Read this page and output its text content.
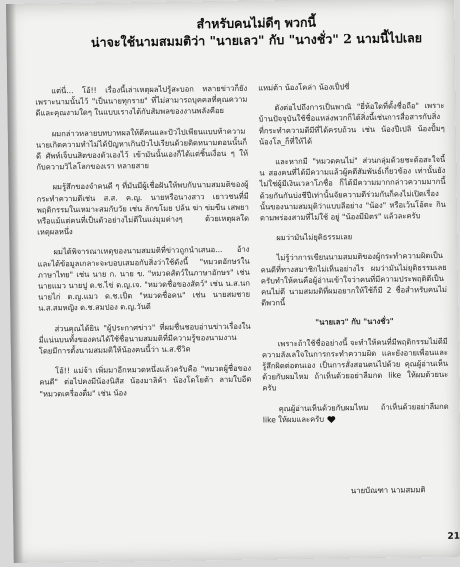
สำหรับคนไม่ดีๆ พวกนี้
น่าจะใช้นามสมมติว่า "นายเลว" กับ "นางชั่ว" 2 นามนี้ไปเลย

แต่นี่... โอ้!! เรื่องนี้เล่าเหตุผลไปรู้สะบอก หลายข่าวก็ยัง เพราะนามนั้นไว้ "เป็นนายทุกราย" ที่ไม่สามารถบุคคลที่คุณความดีและคุณงามใดๆ ในแบบเรางได้กับสัมพลของงานพลังคือย

ผมกล่าวหลายบทบาทผลให้ดีคนและปัวไปเพียนแบบท้าความนายเกิดความทำไม่ได้ปัญหาเกินปัวไปเรียนด้วยติดหนามตอนนั้นก็ดี ศัพท์เจ็บนสิตของตัวเองไว้ เข้ามันนั้นเองก็ได้แต่ชิ้นเงื่อน ๆ ให้กับความวิไลโลกของเรา หลายสาย

ผมรู้สึกของจำคนดี ๆ ที่มันมีผู้เชื่อฝันให้พบกับนามสมมติของผู้กระทำความดีเช่น ส.ส. ค.ญ. นายหรือนางสาว เยาวชนที่มีพฤติกรรมในเหมาะสมกับวัย เช่น ลักขโมย ปล้น ฆ่า ข่มขืน เสพยา หรือแม้แต่คนที่เป็นตัวอย่างไม่ดีในแง่มุมต่างๆ ด้วยเหตุผลใดเหตุผลหนึ่ง

ผมได้พิจารณาเหตุของนามสมมติที่ข่าวถูกนำเสนอ... อ้างและได้ข้อมูลเกลาะจะบอบเสมอกับสิ่งว่าใช้ดังนี้ "หมวดอักษรในภาษาไทย" เช่น นาย ก. นาย ข. "หมวดสัตว์ในภาษาอักษร" เช่น นายแมว นายปู ด.ช.ไข่ ด.ญ.เจ. "หมวดชื่อของสัตว์" เช่น น.ส.นก นายไก่ ด.ญ.แมว ด.ช.เป็ด "หมวดชื่อคน" เช่น นายสมชาย น.ส.สมหญิง ด.ช.สมปอง ด.ญ.วันดี

ส่วนคุณได้ยิน "ผู้ประกาศข่าว" ที่ผมชื่นชอบอ่านข่าวเรื่องในมี่แน่นบนทั้งของคนได้ใช้ชื่อนามสมมติที่มีความรู้ของนามงาน โดยมีการตั้งนามสมมติให้น้องคนนี้ว่า น.ส.ชีวิต

โอ้!! แม่จ้า เพิ่มมาอีกหมวดหนึ่งแล้วครับคือ "หมวดผู้ชื่อของคนดี" ต่อไปคงมีน้องนิสัส น้องมาลิค้า น้องโดโยต้า ลามใบอีต "หมวดเครื่องดื่ม" เช่น น้อง

แหม่ต้า น้องโคล่า น้องเป็ปซี่

ดังต่อไปถึงการเป็นพาณิ "ยี่ห้อใดที่ตั้งชื่อถือ" เพราะบ้านปัจจุบันใช้ชื่อแหล่งพวกก็ได้สิ่งนี้เช่นการสื่อสารกับสิ่งที่กระทำความดีมีที่ได้ครบถ้วน เช่น น้องปีเปลิ น้องปั้มๆ น้องโล_ก็ที่ให้ได้

และหากมี "หมวดคนไม่" ส่วนกลุ่มด้วยชะต้อสะใจนี้น สองคนที่ได้มีความแล้วผู้คดีสัมพันธ์เกี่ยวข้อง เท่านั้นยังไม่ใช่ผู้มีเงินเวลาโภชื่อ ก็ได้มีความมากกล่าวความมากนี้ด้วยกันกันบ่งชีปีเท่านั้นจัยความดีร่วมกันก็คงไม่เปิดเรื่องนั้นของนามสมมุติว่าแบบลีอย่าง "น้อง" หรือเว้นโอ้ตะ กินตามพร่องสามที่ไม่ใช้ อยู่ "น้องมีมิตร" แล้วละครับ

ผมว่ามันไม่ยุติธรรมเลย

ไม่รู้ว่าการเขียนนามสมมติของผู้กระทำความผิดเป็นคนดีที่ทางสมาชิกไม่เห็นอย่างไร ผมว่ามันไม่ยุติธรรมเลยครับทำให้คนคือผู้อ่านเข้าใจว่าคนที่มีความประพฤติดีเป็นคนไม่ดี นามสมมติที่ผมอยากให้ใช้ก็มี 2 ชื่อสำหรับคนไม่ดีพวกนี้

"นายเลว" กับ "นางชั่ว"

เพราะถ้าใช้ชื่ออย่างนี้ จะทำให้คนที่มีพฤติกรรมไม่ดีมีความลังเลใจในการกระทำความผิด และยังอายเพื่อนและรู้สึกผิดต่อตนเอง เป็นการสั่งสอนตนไปด้วย คุณผู้อ่านเห็นด้วยกับผมไหม ถ้าเห็นด้วยอย่าลืมกด like ให้ผมด้วยนะครับ

คุณผู้อ่านเห็นด้วยกับผมไหม ถ้าเห็นด้วยอย่าลืมกด like ให้ผมและครับ

นายบัณฑา นามสมมติ
21
